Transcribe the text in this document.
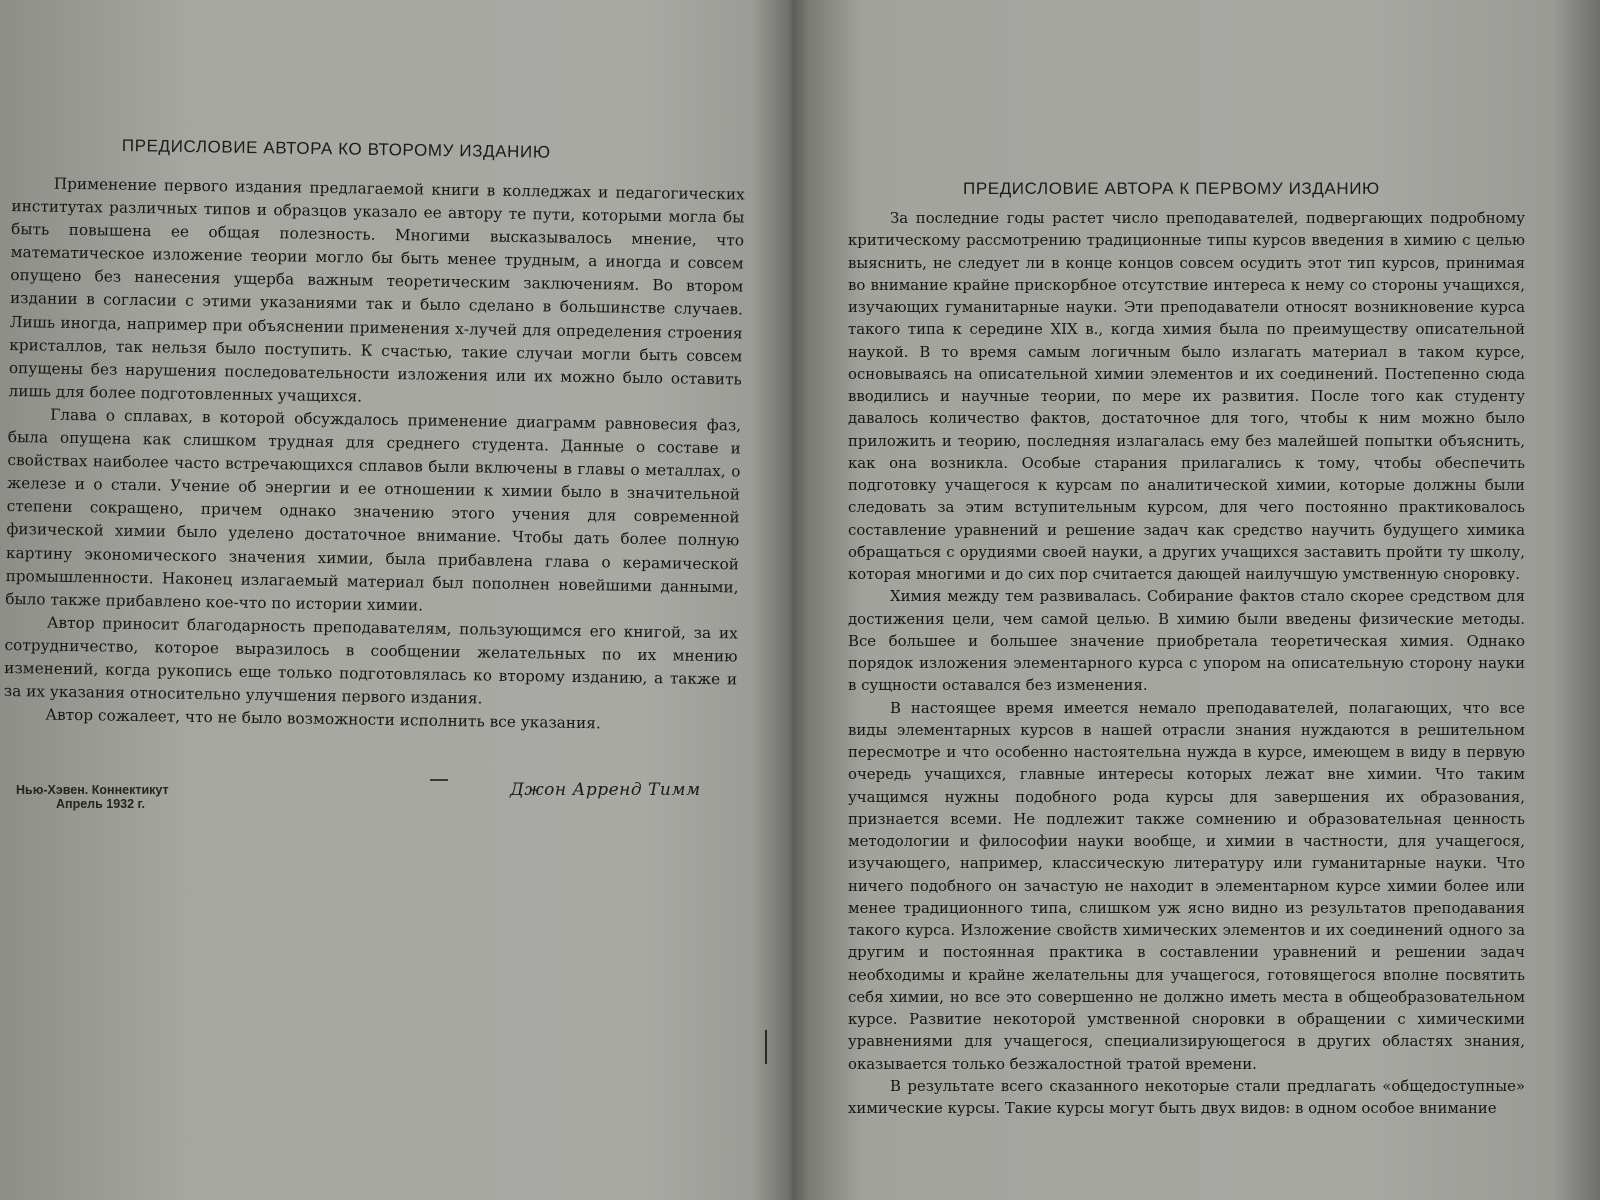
ПРЕДИСЛОВИЕ АВТОРА КО ВТОРОМУ ИЗДАНИЮ

Применение первого издания предлагаемой книги в колледжах и педагогических институтах различных типов и образцов указало ее автору те пути, которыми могла бы быть повышена ее общая полезность. Многими высказывалось мнение, что математическое изложение теории могло бы быть менее трудным, а иногда и совсем опущено без нанесения ущерба важным теоретическим заключениям. Во втором издании в согласии с этими указаниями так и было сделано в большинстве случаев. Лишь иногда, например при объяснении применения х-лучей для определения строения кристаллов, так нельзя было поступить. К счастью, такие случаи могли быть совсем опущены без нарушения последовательности изложения или их можно было оставить лишь для более подготовленных учащихся.

Глава о сплавах, в которой обсуждалось применение диаграмм равновесия фаз, была опущена как слишком трудная для среднего студента. Данные о составе и свойствах наиболее часто встречающихся сплавов были включены в главы о металлах, о железе и о стали. Учение об энергии и ее отношении к химии было в значительной степени сокращено, причем однако значению этого учения для современной физической химии было уделено достаточное внимание. Чтобы дать более полную картину экономического значения химии, была прибавлена глава о керамической промышленности. Наконец излагаемый материал был пополнен новейшими данными, было также прибавлено кое-что по истории химии.

Автор приносит благодарность преподавателям, пользующимся его книгой, за их сотрудничество, которое выразилось в сообщении желательных по их мнению изменений, когда рукопись еще только подготовлялась ко второму изданию, а также и за их указания относительно улучшения первого издания.

Автор сожалеет, что не было возможности исполнить все указания.

Нью-Хэвен. Коннектикут
Апрель 1932 г.
Джон Арренд Тимм
ПРЕДИСЛОВИЕ АВТОРА К ПЕРВОМУ ИЗДАНИЮ

За последние годы растет число преподавателей, подвергающих подробному критическому рассмотрению традиционные типы курсов введения в химию с целью выяснить, не следует ли в конце концов совсем осудить этот тип курсов, принимая во внимание крайне прискорбное отсутствие интереса к нему со стороны учащихся, изучающих гуманитарные науки. Эти преподаватели относят возникновение курса такого типа к середине XIX в., когда химия была по преимуществу описательной наукой. В то время самым логичным было излагать материал в таком курсе, основываясь на описательной химии элементов и их соединений. Постепенно сюда вводились и научные теории, по мере их развития. После того как студенту давалось количество фактов, достаточное для того, чтобы к ним можно было приложить и теорию, последняя излагалась ему без малейшей попытки объяснить, как она возникла. Особые старания прилагались к тому, чтобы обеспечить подготовку учащегося к курсам по аналитической химии, которые должны были следовать за этим вступительным курсом, для чего постоянно практиковалось составление уравнений и решение задач как средство научить будущего химика обращаться с орудиями своей науки, а других учащихся заставить пройти ту школу, которая многими и до сих пор считается дающей наилучшую умственную сноровку.

Химия между тем развивалась. Собирание фактов стало скорее средством для достижения цели, чем самой целью. В химию были введены физические методы. Все большее и большее значение приобретала теоретическая химия. Однако порядок изложения элементарного курса с упором на описательную сторону науки в сущности оставался без изменения.

В настоящее время имеется немало преподавателей, полагающих, что все виды элементарных курсов в нашей отрасли знания нуждаются в решительном пересмотре и что особенно настоятельна нужда в курсе, имеющем в виду в первую очередь учащихся, главные интересы которых лежат вне химии. Что таким учащимся нужны подобного рода курсы для завершения их образования, признается всеми. Не подлежит также сомнению и образовательная ценность методологии и философии науки вообще, и химии в частности, для учащегося, изучающего, например, классическую литературу или гуманитарные науки. Что ничего подобного он зачастую не находит в элементарном курсе химии более или менее традиционного типа, слишком уж ясно видно из результатов преподавания такого курса. Изложение свойств химических элементов и их соединений одного за другим и постоянная практика в составлении уравнений и решении задач необходимы и крайне желательны для учащегося, готовящегося вполне посвятить себя химии, но все это совершенно не должно иметь места в общеобразовательном курсе. Развитие некоторой умственной сноровки в обращении с химическими уравнениями для учащегося, специализирующегося в других областях знания, оказывается только безжалостной тратой времени.

В результате всего сказанного некоторые стали предлагать «общедоступные» химические курсы. Такие курсы могут быть двух видов: в одном особое внимание
